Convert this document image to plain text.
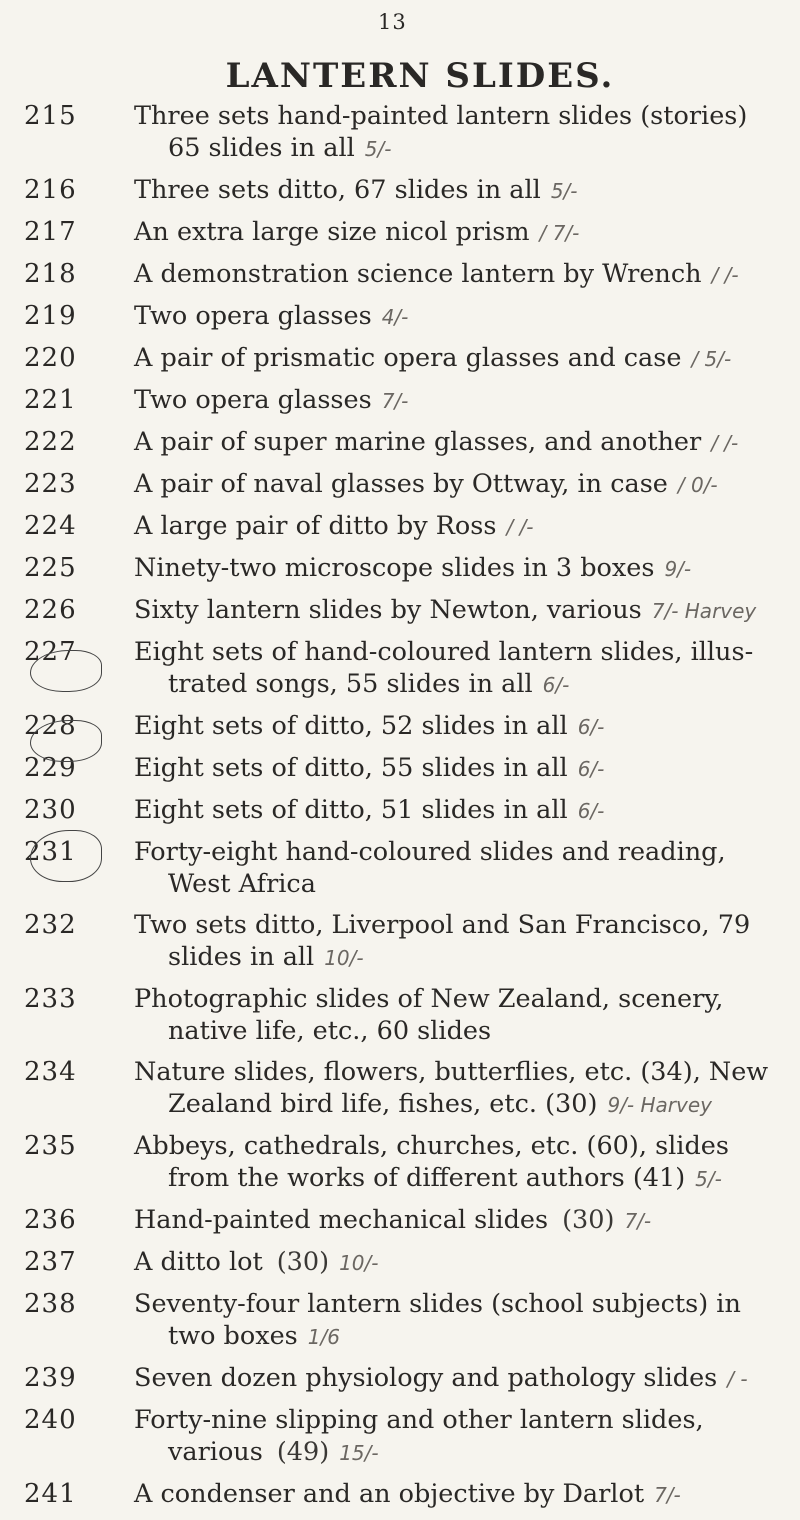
13
LANTERN SLIDES.
215	Three sets hand-painted lantern slides (stories)
65 slides in all 5/-
216	Three sets ditto, 67 slides in all 5/-
217	An extra large size nicol prism / 7/-
218	A demonstration science lantern by Wrench / /-
219	Two opera glasses 4/-
220	A pair of prismatic opera glasses and case / 5/-
221	Two opera glasses 7/-
222	A pair of super marine glasses, and another / /-
223	A pair of naval glasses by Ottway, in case / 0/-
224	A large pair of ditto by Ross / /-
225	Ninety-two microscope slides in 3 boxes 9/-
226	Sixty lantern slides by Newton, various 7/- Harvey
227	Eight sets of hand-coloured lantern slides, illus-
trated songs, 55 slides in all 6/-
228	Eight sets of ditto, 52 slides in all 6/-
229	Eight sets of ditto, 55 slides in all 6/-
230	Eight sets of ditto, 51 slides in all 6/-
231	Forty-eight hand-coloured slides and reading,
West Africa
232	Two sets ditto, Liverpool and San Francisco, 79
slides in all 10/-
233	Photographic slides of New Zealand, scenery,
native life, etc., 60 slides
234	Nature slides, flowers, butterflies, etc. (34), New
Zealand bird life, fishes, etc. (30) 9/- Harvey
235	Abbeys, cathedrals, churches, etc. (60), slides
from the works of different authors (41) 5/-
236	Hand-painted mechanical slides (30) 7/-
237	A ditto lot (30) 10/-
238	Seventy-four lantern slides (school subjects) in
two boxes 1/6
239	Seven dozen physiology and pathology slides / -
240	Forty-nine slipping and other lantern slides,
various (49) 15/-
241	A condenser and an objective by Darlot 7/-
